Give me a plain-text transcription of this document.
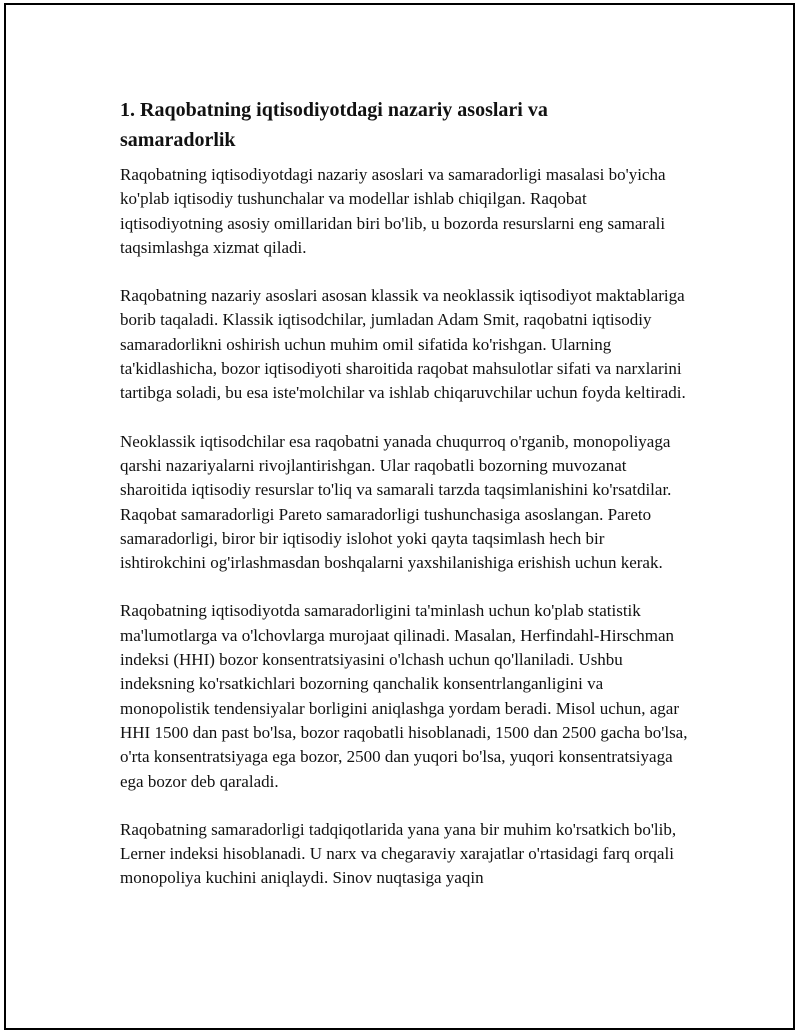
1. Raqobatning iqtisodiyotdagi nazariy asoslari va samaradorlik

Raqobatning iqtisodiyotdagi nazariy asoslari va samaradorligi masalasi bo'yicha ko'plab iqtisodiy tushunchalar va modellar ishlab chiqilgan. Raqobat iqtisodiyotning asosiy omillaridan biri bo'lib, u bozorda resurslarni eng samarali taqsimlashga xizmat qiladi.

Raqobatning nazariy asoslari asosan klassik va neoklassik iqtisodiyot maktablariga borib taqaladi. Klassik iqtisodchilar, jumladan Adam Smit, raqobatni iqtisodiy samaradorlikni oshirish uchun muhim omil sifatida ko'rishgan. Ularning ta'kidlashicha, bozor iqtisodiyoti sharoitida raqobat mahsulotlar sifati va narxlarini tartibga soladi, bu esa iste'molchilar va ishlab chiqaruvchilar uchun foyda keltiradi.

Neoklassik iqtisodchilar esa raqobatni yanada chuqurroq o'rganib, monopoliyaga qarshi nazariyalarni rivojlantirishgan. Ular raqobatli bozorning muvozanat sharoitida iqtisodiy resurslar to'liq va samarali tarzda taqsimlanishini ko'rsatdilar. Raqobat samaradorligi Pareto samaradorligi tushunchasiga asoslangan. Pareto samaradorligi, biror bir iqtisodiy islohot yoki qayta taqsimlash hech bir ishtirokchini og'irlashmasdan boshqalarni yaxshilanishiga erishish uchun kerak.

Raqobatning iqtisodiyotda samaradorligini ta'minlash uchun ko'plab statistik ma'lumotlarga va o'lchovlarga murojaat qilinadi. Masalan, Herfindahl-Hirschman indeksi (HHI) bozor konsentratsiyasini o'lchash uchun qo'llaniladi. Ushbu indeksning ko'rsatkichlari bozorning qanchalik konsentrlanganligini va monopolistik tendensiyalar borligini aniqlashga yordam beradi. Misol uchun, agar HHI 1500 dan past bo'lsa, bozor raqobatli hisoblanadi, 1500 dan 2500 gacha bo'lsa, o'rta konsentratsiyaga ega bozor, 2500 dan yuqori bo'lsa, yuqori konsentratsiyaga ega bozor deb qaraladi.

Raqobatning samaradorligi tadqiqotlarida yana yana bir muhim ko'rsatkich bo'lib, Lerner indeksi hisoblanadi. U narx va chegaraviy xarajatlar o'rtasidagi farq orqali monopoliya kuchini aniqlaydi. Sinov nuqtasiga yaqin
